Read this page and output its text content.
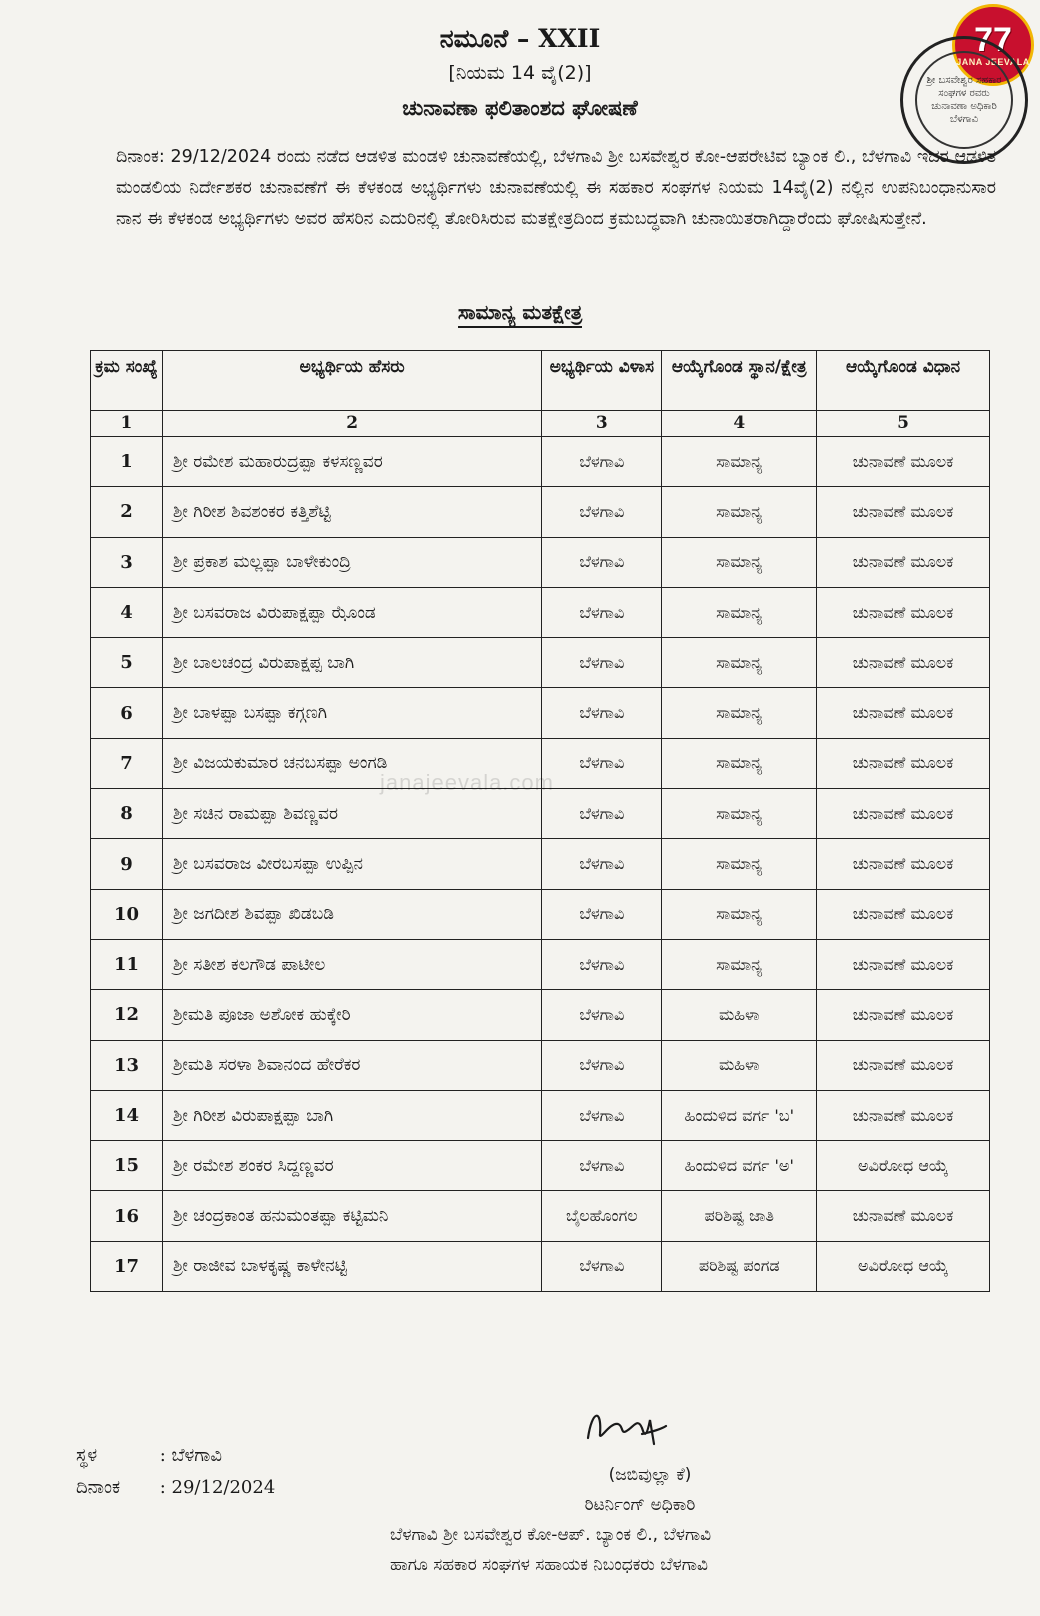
77
JANA JEEVALA
ಶ್ರೀ ಬಸವೇಶ್ವರ ಸಹಕಾರ ಸಂಘಗಳ ರವರು ಚುನಾವಣಾ ಅಧಿಕಾರಿ ಬೆಳಗಾವಿ
ನಮೂನೆ – XXII
[ನಿಯಮ 14 ವೈ(2)]
ಚುನಾವಣಾ ಫಲಿತಾಂಶದ ಘೋಷಣೆ

ದಿನಾಂಕ: 29/12/2024 ರಂದು ನಡೆದ ಆಡಳಿತ ಮಂಡಳಿ ಚುನಾವಣೆಯಲ್ಲಿ, ಬೆಳಗಾವಿ ಶ್ರೀ ಬಸವೇಶ್ವರ ಕೋ-ಆಪರೇಟಿವ ಬ್ಯಾಂಕ ಲಿ., ಬೆಳಗಾವಿ ಇದರ ಆಡಳಿತ ಮಂಡಲಿಯ ನಿರ್ದೇಶಕರ ಚುನಾವಣೆಗೆ ಈ ಕೆಳಕಂಡ ಅಭ್ಯರ್ಥಿಗಳು ಚುನಾವಣೆಯಲ್ಲಿ ಈ ಸಹಕಾರ ಸಂಘಗಳ ನಿಯಮ 14ವೈ(2) ನಲ್ಲಿನ ಉಪನಿಬಂಧಾನುಸಾರ ನಾನ ಈ ಕೆಳಕಂಡ ಅಭ್ಯರ್ಥಿಗಳು ಅವರ ಹೆಸರಿನ ಎದುರಿನಲ್ಲಿ ತೋರಿಸಿರುವ ಮತಕ್ಷೇತ್ರದಿಂದ ಕ್ರಮಬದ್ಧವಾಗಿ ಚುನಾಯಿತರಾಗಿದ್ದಾರೆಂದು ಘೋಷಿಸುತ್ತೇನೆ.

ಸಾಮಾನ್ಯ ಮತಕ್ಷೇತ್ರ
ಕ್ರಮ ಸಂಖ್ಯೆ	ಅಭ್ಯರ್ಥಿಯ ಹೆಸರು	ಅಭ್ಯರ್ಥಿಯ ವಿಳಾಸ	ಆಯ್ಕೆಗೊಂಡ ಸ್ಥಾನ/ಕ್ಷೇತ್ರ	ಆಯ್ಕೆಗೊಂಡ ವಿಧಾನ
1	2	3	4	5
1	ಶ್ರೀ ರಮೇಶ ಮಹಾರುದ್ರಪ್ಪಾ ಕಳಸಣ್ಣವರ	ಬೆಳಗಾವಿ	ಸಾಮಾನ್ಯ	ಚುನಾವಣೆ ಮೂಲಕ
2	ಶ್ರೀ ಗಿರೀಶ ಶಿವಶಂಕರ ಕತ್ತಿಶೆಟ್ಟಿ	ಬೆಳಗಾವಿ	ಸಾಮಾನ್ಯ	ಚುನಾವಣೆ ಮೂಲಕ
3	ಶ್ರೀ ಪ್ರಕಾಶ ಮಲ್ಲಪ್ಪಾ ಬಾಳೇಕುಂದ್ರಿ	ಬೆಳಗಾವಿ	ಸಾಮಾನ್ಯ	ಚುನಾವಣೆ ಮೂಲಕ
4	ಶ್ರೀ ಬಸವರಾಜ ವಿರುಪಾಕ್ಷಪ್ಪಾ ಝೊಂಡ	ಬೆಳಗಾವಿ	ಸಾಮಾನ್ಯ	ಚುನಾವಣೆ ಮೂಲಕ
5	ಶ್ರೀ ಬಾಲಚಂದ್ರ ವಿರುಪಾಕ್ಷಪ್ಪ ಬಾಗಿ	ಬೆಳಗಾವಿ	ಸಾಮಾನ್ಯ	ಚುನಾವಣೆ ಮೂಲಕ
6	ಶ್ರೀ ಬಾಳಪ್ಪಾ ಬಸಪ್ಪಾ ಕಗ್ಗಣಗಿ	ಬೆಳಗಾವಿ	ಸಾಮಾನ್ಯ	ಚುನಾವಣೆ ಮೂಲಕ
7	ಶ್ರೀ ವಿಜಯಕುಮಾರ ಚನಬಸಪ್ಪಾ ಅಂಗಡಿ	ಬೆಳಗಾವಿ	ಸಾಮಾನ್ಯ	ಚುನಾವಣೆ ಮೂಲಕ
8	ಶ್ರೀ ಸಚಿನ ರಾಮಪ್ಪಾ ಶಿವಣ್ಣವರ	ಬೆಳಗಾವಿ	ಸಾಮಾನ್ಯ	ಚುನಾವಣೆ ಮೂಲಕ
9	ಶ್ರೀ ಬಸವರಾಜ ವೀರಬಸಪ್ಪಾ ಉಪ್ಪಿನ	ಬೆಳಗಾವಿ	ಸಾಮಾನ್ಯ	ಚುನಾವಣೆ ಮೂಲಕ
10	ಶ್ರೀ ಜಗದೀಶ ಶಿವಪ್ಪಾ ಖಿಡಬಡಿ	ಬೆಳಗಾವಿ	ಸಾಮಾನ್ಯ	ಚುನಾವಣೆ ಮೂಲಕ
11	ಶ್ರೀ ಸತೀಶ ಕಲಗೌಡ ಪಾಟೀಲ	ಬೆಳಗಾವಿ	ಸಾಮಾನ್ಯ	ಚುನಾವಣೆ ಮೂಲಕ
12	ಶ್ರೀಮತಿ ಪೂಜಾ ಅಶೋಕ ಹುಕ್ಕೇರಿ	ಬೆಳಗಾವಿ	ಮಹಿಳಾ	ಚುನಾವಣೆ ಮೂಲಕ
13	ಶ್ರೀಮತಿ ಸರಳಾ ಶಿವಾನಂದ ಹೇರೆಕರ	ಬೆಳಗಾವಿ	ಮಹಿಳಾ	ಚುನಾವಣೆ ಮೂಲಕ
14	ಶ್ರೀ ಗಿರೀಶ ವಿರುಪಾಕ್ಷಪ್ಪಾ ಬಾಗಿ	ಬೆಳಗಾವಿ	ಹಿಂದುಳಿದ ವರ್ಗ 'ಬ'	ಚುನಾವಣೆ ಮೂಲಕ
15	ಶ್ರೀ ರಮೇಶ ಶಂಕರ ಸಿದ್ದಣ್ಣವರ	ಬೆಳಗಾವಿ	ಹಿಂದುಳಿದ ವರ್ಗ 'ಅ'	ಅವಿರೋಧ ಆಯ್ಕೆ
16	ಶ್ರೀ ಚಂದ್ರಕಾಂತ ಹನುಮಂತಪ್ಪಾ ಕಟ್ಟಿಮನಿ	ಬೈಲಹೊಂಗಲ	ಪರಿಶಿಷ್ಟ ಜಾತಿ	ಚುನಾವಣೆ ಮೂಲಕ
17	ಶ್ರೀ ರಾಜೀವ ಬಾಳಕೃಷ್ಣ ಕಾಳೇನಟ್ಟಿ	ಬೆಳಗಾವಿ	ಪರಿಶಿಷ್ಟ ಪಂಗಡ	ಅವಿರೋಧ ಆಯ್ಕೆ
janajeevala.com
ಸ್ಥಳ	: ಬೆಳಗಾವಿ
ದಿನಾಂಕ : 29/12/2024
(ಜಬಿವುಲ್ಲಾ ಕೆ)
ರಿಟರ್ನಿಂಗ್ ಅಧಿಕಾರಿ
ಬೆಳಗಾವಿ ಶ್ರೀ ಬಸವೇಶ್ವರ ಕೋ-ಆಪ್. ಬ್ಯಾಂಕ ಲಿ., ಬೆಳಗಾವಿ
ಹಾಗೂ ಸಹಕಾರ ಸಂಘಗಳ ಸಹಾಯಕ ನಿಬಂಧಕರು ಬೆಳಗಾವಿ
